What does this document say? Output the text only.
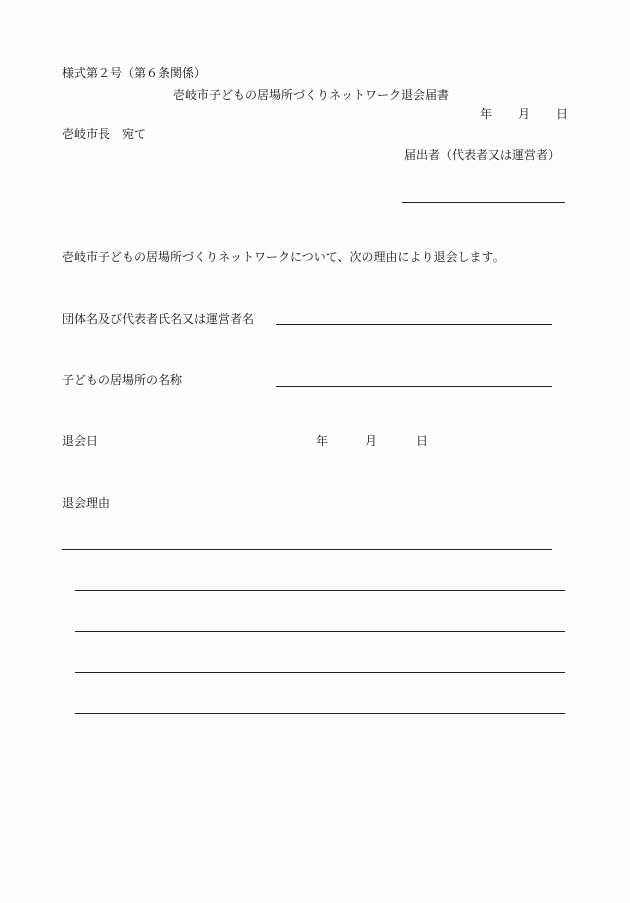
様式第２号（第６条関係）
壱岐市子どもの居場所づくりネットワーク退会届書
年 月 日
壱岐市長　宛て
届出者（代表者又は運営者）
壱岐市子どもの居場所づくりネットワークについて、次の理由により退会します。
団体名及び代表者氏名又は運営者名
子どもの居場所の名称
退会日	年	月	日
退会理由
